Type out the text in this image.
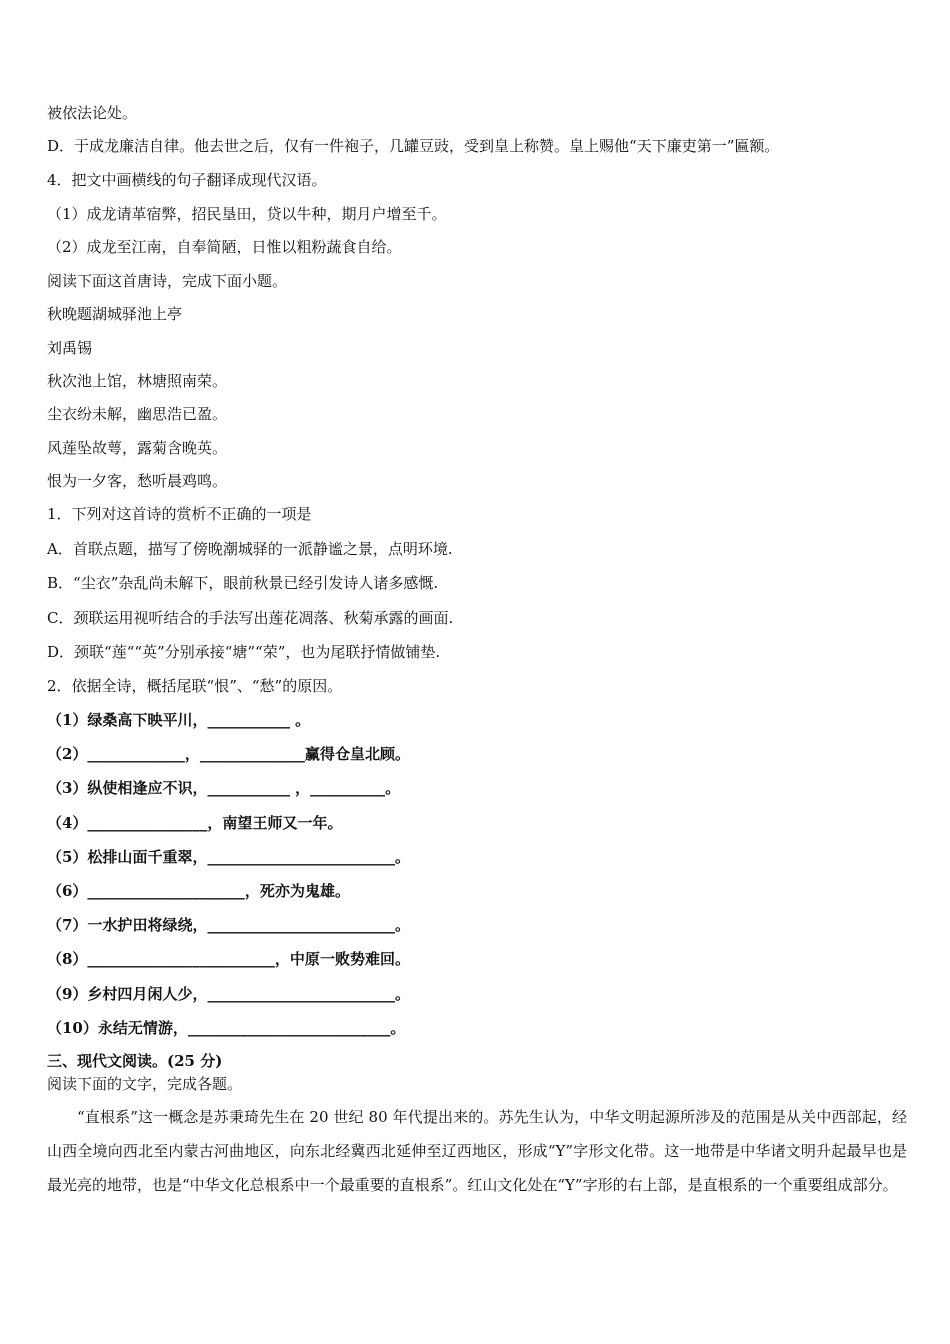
被依法论处。
D．于成龙廉洁自律。他去世之后，仅有一件袍子，几罐豆豉，受到皇上称赞。皇上赐他“天下廉吏第一”匾额。
4．把文中画横线的句子翻译成现代汉语。
（1）成龙请革宿弊，招民垦田，贷以牛种，期月户增至千。
（2）成龙至江南，自奉简陋，日惟以粗粉蔬食自给。
阅读下面这首唐诗，完成下面小题。
秋晚题湖城驿池上亭
刘禹锡
秋次池上馆，林塘照南荣。
尘衣纷未解，幽思浩已盈。
风莲坠故萼，露菊含晚英。
恨为一夕客，愁听晨鸡鸣。
1．下列对这首诗的赏析不正确的一项是
A．首联点题，描写了傍晚潮城驿的一派静谧之景，点明环境.
B．“尘衣”杂乱尚未解下，眼前秋景已经引发诗人诸多感慨.
C．颈联运用视听结合的手法写出莲花凋落、秋菊承露的画面.
D．颈联“莲““英”分别承接“塘”“荣”，也为尾联抒情做铺垫.
2．依据全诗，概括尾联“恨”、“愁”的原因。
（1）绿桑高下映平川，___________ 。
（2）_____________，______________赢得仓皇北顾。
（3）纵使相逢应不识，___________ ，__________。
（4）________________，南望王师又一年。
（5）松排山面千重翠，_________________________。
（6）_____________________，死亦为鬼雄。
（7）一水护田将绿绕，_________________________。
（8）_________________________，中原一败势难回。
（9）乡村四月闲人少，_________________________。
（10）永结无情游，___________________________。
三、现代文阅读。(25 分)
阅读下面的文字，完成各题。
“直根系”这一概念是苏秉琦先生在 20 世纪 80 年代提出来的。苏先生认为，中华文明起源所涉及的范围是从关中西部起，经山西全境向西北至内蒙古河曲地区，向东北经冀西北延伸至辽西地区，形成“Y”字形文化带。这一地带是中华诸文明升起最早也是最光亮的地带，也是“中华文化总根系中一个最重要的直根系”。红山文化处在“Y”字形的右上部，是直根系的一个重要组成部分。
